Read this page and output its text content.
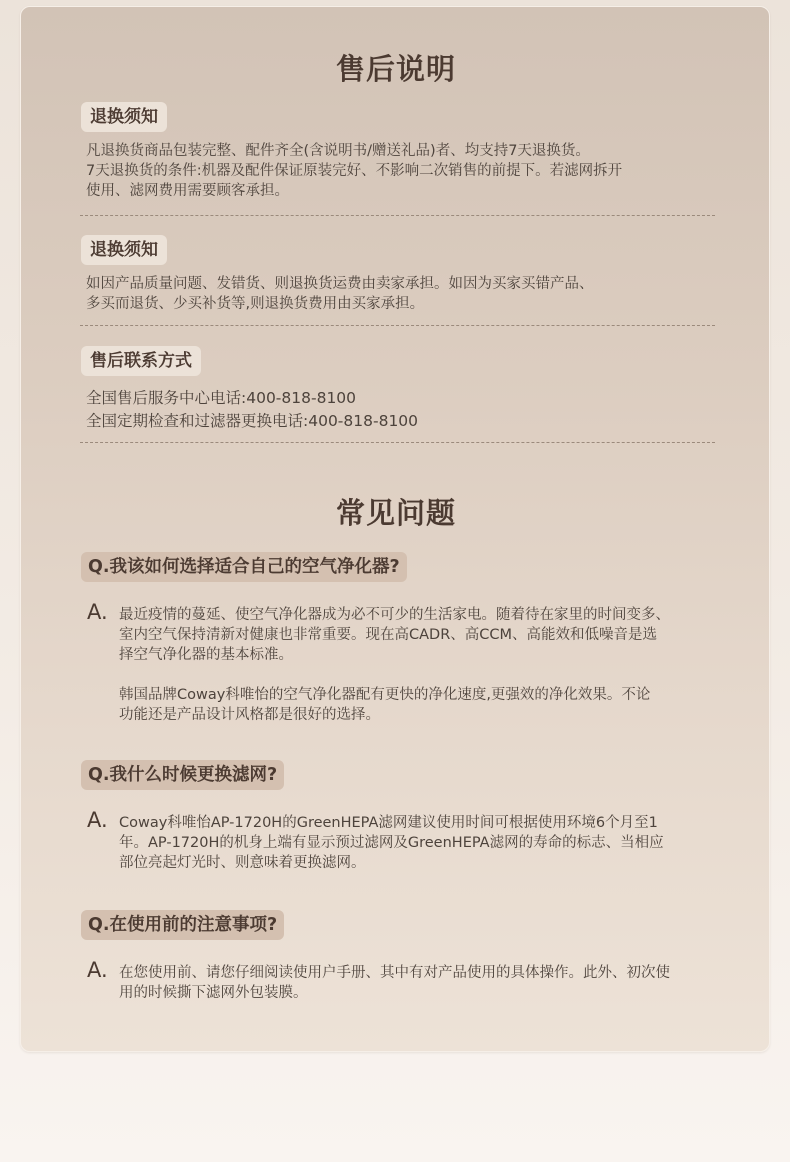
售后说明
退换须知
凡退换货商品包装完整、配件齐全(含说明书/赠送礼品)者、均支持7天退换货。
7天退换货的条件:机器及配件保证原装完好、不影响二次销售的前提下。若滤网拆开
使用、滤网费用需要顾客承担。
退换须知
如因产品质量问题、发错货、则退换货运费由卖家承担。如因为买家买错产品、
多买而退货、少买补货等,则退换货费用由买家承担。
售后联系方式
全国售后服务中心电话:400-818-8100
全国定期检查和过滤器更换电话:400-818-8100
常见问题
Q.我该如何选择适合自己的空气净化器?
A. 最近疫情的蔓延、使空气净化器成为必不可少的生活家电。随着待在家里的时间变多、
室内空气保持清新对健康也非常重要。现在高CADR、高CCM、高能效和低噪音是选
择空气净化器的基本标准。
韩国品牌Coway科唯怡的空气净化器配有更快的净化速度,更强效的净化效果。不论
功能还是产品设计风格都是很好的选择。
Q.我什么时候更换滤网?
A. Coway科唯怡AP-1720H的GreenHEPA滤网建议使用时间可根据使用环境6个月至1
年。AP-1720H的机身上端有显示预过滤网及GreenHEPA滤网的寿命的标志、当相应
部位亮起灯光时、则意味着更换滤网。
Q.在使用前的注意事项?
A. 在您使用前、请您仔细阅读使用户手册、其中有对产品使用的具体操作。此外、初次使
用的时候撕下滤网外包装膜。
